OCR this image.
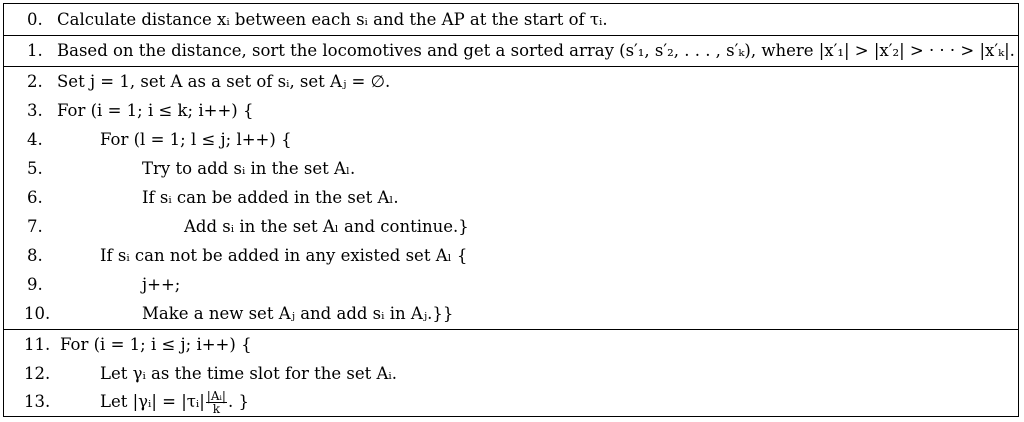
0. Calculate distance xᵢ between each sᵢ and the AP at the start of τᵢ.
1. Based on the distance, sort the locomotives and get a sorted array (s′₁, s′₂, . . . , s′ₖ), where |x′₁| > |x′₂| > · · · > |x′ₖ|.
2. Set j = 1, set A as a set of sᵢ, set Aⱼ = ∅.
3. For (i = 1; i ≤ k; i++) {
4.	For (l = 1; l ≤ j; l++) {
5.	Try to add sᵢ in the set Aₗ.
6.	If sᵢ can be added in the set Aₗ.
7.	Add sᵢ in the set Aₗ and continue.}
8.	If sᵢ can not be added in any existed set Aₗ {
9.	j++;
10.	Make a new set Aⱼ and add sᵢ in Aⱼ.}}
11. For (i = 1; i ≤ j; i++) {
12.	Let γᵢ as the time slot for the set Aᵢ.
13.	Let |γᵢ| = |τᵢ| $\frac{\text{|Aᵢ|}}{k}$ . }
